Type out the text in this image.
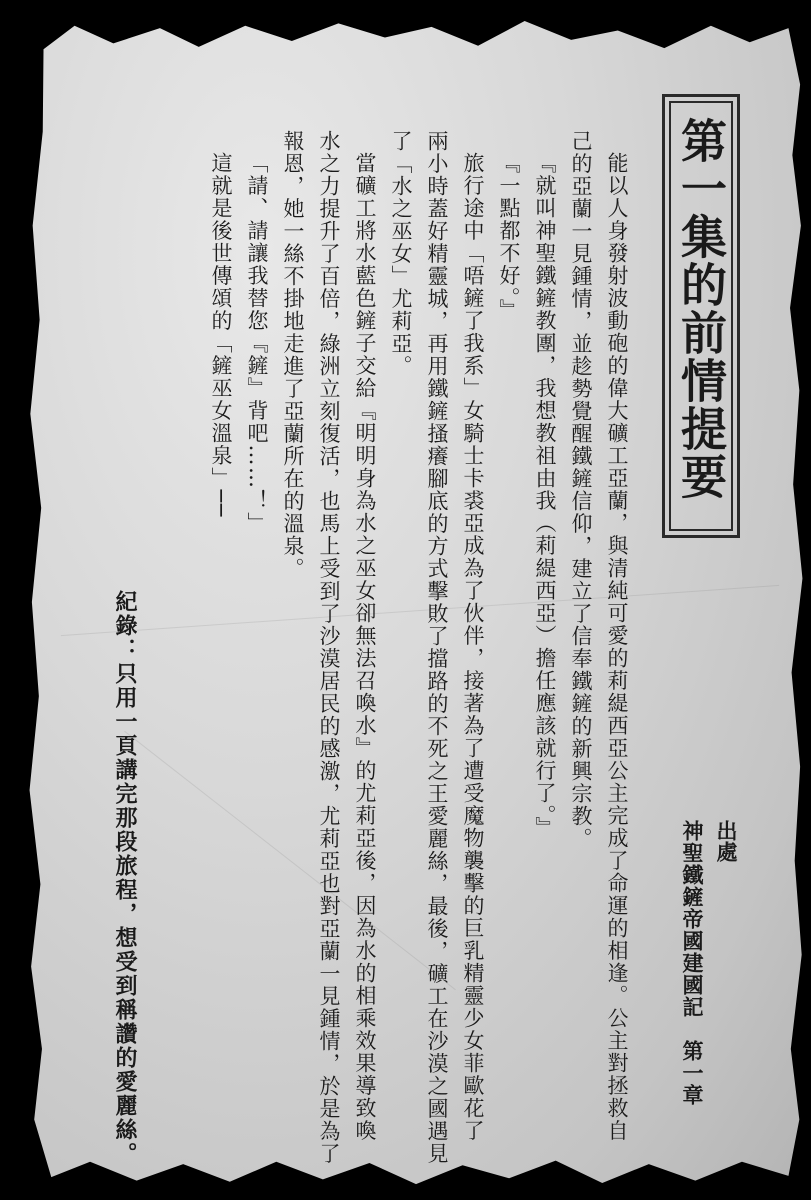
第一集的前情提要
出處
神聖鐵鏟帝國建國記　第一章
能以人身發射波動砲的偉大礦工亞蘭，與清純可愛的莉緹西亞公主完成了命運的相逢。公主對拯救自
己的亞蘭一見鍾情，並趁勢覺醒鐵鏟信仰，建立了信奉鐵鏟的新興宗教。
『就叫神聖鐵鏟教團，我想教祖由我（莉緹西亞）擔任應該就行了。』
『一點都不好。』
旅行途中「唔鏟了我系」女騎士卡裘亞成為了伙伴，接著為了遭受魔物襲擊的巨乳精靈少女菲歐花了
兩小時蓋好精靈城，再用鐵鏟搔癢腳底的方式擊敗了擋路的不死之王愛麗絲，最後，礦工在沙漠之國遇見
了「水之巫女」尤莉亞。
當礦工將水藍色鏟子交給『明明身為水之巫女卻無法召喚水』的尤莉亞後，因為水的相乘效果導致喚
水之力提升了百倍，綠洲立刻復活，也馬上受到了沙漠居民的感激，尤莉亞也對亞蘭一見鍾情，於是為了
報恩，她一絲不掛地走進了亞蘭所在的溫泉。
「請、請讓我替您『鏟』背吧……！」
這就是後世傳頌的「鏟巫女溫泉」──
紀錄：只用一頁講完那段旅程，想受到稱讚的愛麗絲。
